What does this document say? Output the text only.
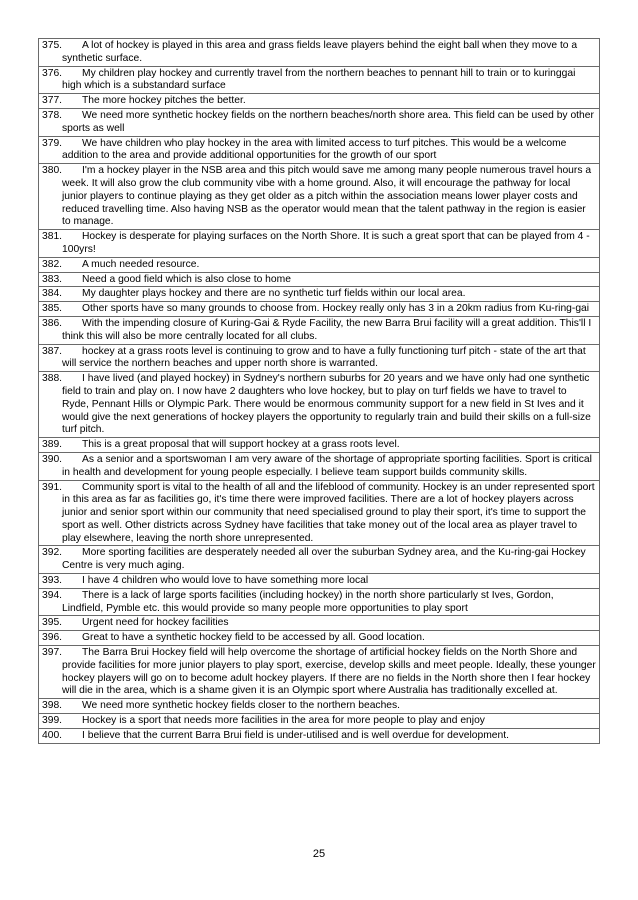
375. A lot of hockey is played in this area and grass fields leave players behind the eight ball when they move to a synthetic surface.
376. My children play hockey and currently travel from the northern beaches to pennant hill to train or to kuringgai high which is a substandard surface
377. The more hockey pitches the better.
378. We need more synthetic hockey fields on the northern beaches/north shore area. This field can be used by other sports as well
379. We have children who play hockey in the area with limited access to turf pitches. This would be a welcome addition to the area and provide additional opportunities for the growth of our sport
380. I'm a hockey player in the NSB area and this pitch would save me among many people numerous travel hours a week. It will also grow the club community vibe with a home ground. Also, it will encourage the pathway for local junior players to continue playing as they get older as a pitch within the association means lower player costs and reduced travelling time. Also having NSB as the operator would mean that the talent pathway in the region is easier to manage.
381. Hockey is desperate for playing surfaces on the North Shore. It is such a great sport that can be played from 4 - 100yrs!
382. A much needed resource.
383. Need a good field which is also close to home
384. My daughter plays hockey and there are no synthetic turf fields within our local area.
385. Other sports have so many grounds to choose from. Hockey really only has 3 in a 20km radius from Ku-ring-gai
386. With the impending closure of Kuring-Gai & Ryde Facility, the new Barra Brui facility will a great addition. This'll I think this will also be more centrally located for all clubs.
387. hockey at a grass roots level is continuing to grow and to have a fully functioning turf pitch - state of the art that will service the northern beaches and upper north shore is warranted.
388. I have lived (and played hockey) in Sydney's northern suburbs for 20 years and we have only had one synthetic field to train and play on. I now have 2 daughters who love hockey, but to play on turf fields we have to travel to Ryde, Pennant Hills or Olympic Park. There would be enormous community support for a new field in St Ives and it would give the next generations of hockey players the opportunity to regularly train and build their skills on a full-size turf pitch.
389. This is a great proposal that will support hockey at a grass roots level.
390. As a senior and a sportswoman I am very aware of the shortage of appropriate sporting facilities. Sport is critical in health and development for young people especially. I believe team support builds community skills.
391. Community sport is vital to the health of all and the lifeblood of community. Hockey is an under represented sport in this area as far as facilities go, it's time there were improved facilities. There are a lot of hockey players across junior and senior sport within our community that need specialised ground to play their sport, it's time to support the sport as well. Other districts across Sydney have facilities that take money out of the local area as player travel to play elsewhere, leaving the north shore unrepresented.
392. More sporting facilities are desperately needed all over the suburban Sydney area, and the Ku-ring-gai Hockey Centre is very much aging.
393. I have 4 children who would love to have something more local
394. There is a lack of large sports facilities (including hockey) in the north shore particularly st Ives, Gordon, Lindfield, Pymble etc. this would provide so many people more opportunities to play sport
395. Urgent need for hockey facilities
396. Great to have a synthetic hockey field to be accessed by all. Good location.
397. The Barra Brui Hockey field will help overcome the shortage of artificial hockey fields on the North Shore and provide facilities for more junior players to play sport, exercise, develop skills and meet people. Ideally, these younger hockey players will go on to become adult hockey players. If there are no fields in the North shore then I fear hockey will die in the area, which is a shame given it is an Olympic sport where Australia has traditionally excelled at.
398. We need more synthetic hockey fields closer to the northern beaches.
399. Hockey is a sport that needs more facilities in the area for more people to play and enjoy
400. I believe that the current Barra Brui field is under-utilised and is well overdue for development.
25
